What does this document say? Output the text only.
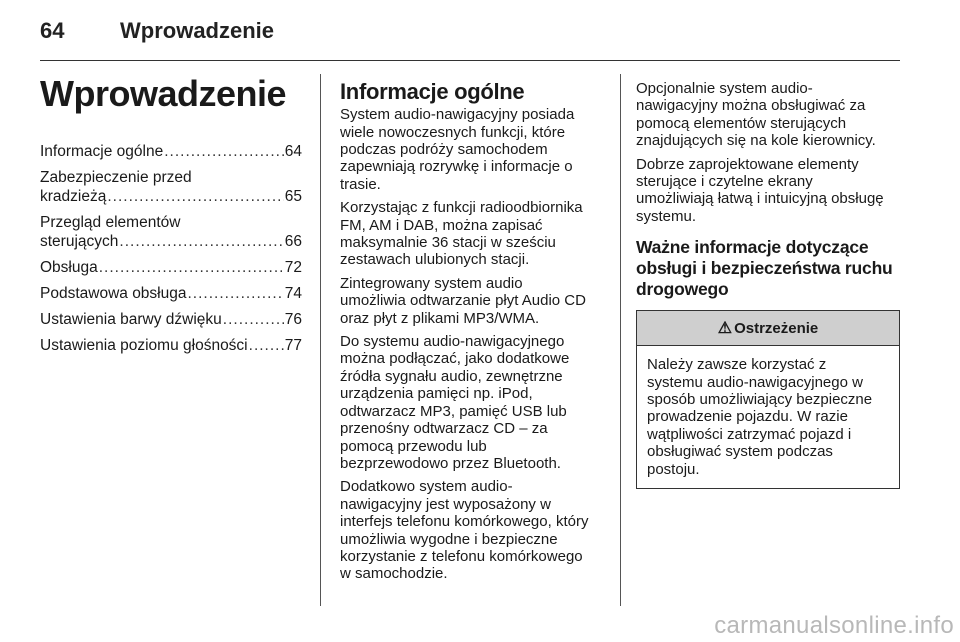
64	Wprowadzenie
Wprowadzenie
Informacje ogólne .....	64
Zabezpieczenie przed
kradzieżą .....	65
Przegląd elementów
sterujących .....	66
Obsługa .....	72
Podstawowa obsługa .....	74
Ustawienia barwy dźwięku .....	76
Ustawienia poziomu głośności ..... 77
Informacje ogólne
System audio-nawigacyjny posiada
wiele nowoczesnych funkcji, które
podczas podróży samochodem
zapewniają rozrywkę i informacje o
trasie.
Korzystając z funkcji radioodbiornika
FM, AM i DAB, można zapisać
maksymalnie 36 stacji w sześciu
zestawach ulubionych stacji.
Zintegrowany system audio
umożliwia odtwarzanie płyt Audio CD
oraz płyt z plikami MP3/WMA.
Do systemu audio-nawigacyjnego
można podłączać, jako dodatkowe
źródła sygnału audio, zewnętrzne
urządzenia pamięci np. iPod,
odtwarzacz MP3, pamięć USB lub
przenośny odtwarzacz CD – za
pomocą przewodu lub
bezprzewodowo przez Bluetooth.
Dodatkowo system audio-
nawigacyjny jest wyposażony w
interfejs telefonu komórkowego, który
umożliwia wygodne i bezpieczne
korzystanie z telefonu komórkowego
w samochodzie.
Opcjonalnie system audio-
nawigacyjny można obsługiwać za
pomocą elementów sterujących
znajdujących się na kole kierownicy.
Dobrze zaprojektowane elementy
sterujące i czytelne ekrany
umożliwiają łatwą i intuicyjną obsługę
systemu.
Ważne informacje dotyczące
obsługi i bezpieczeństwa ruchu
drogowego
⚠ Ostrzeżenie
Należy zawsze korzystać z
systemu audio-nawigacyjnego w
sposób umożliwiający bezpieczne
prowadzenie pojazdu. W razie
wątpliwości zatrzymać pojazd i
obsługiwać system podczas
postoju.
carmanualsonline.info
